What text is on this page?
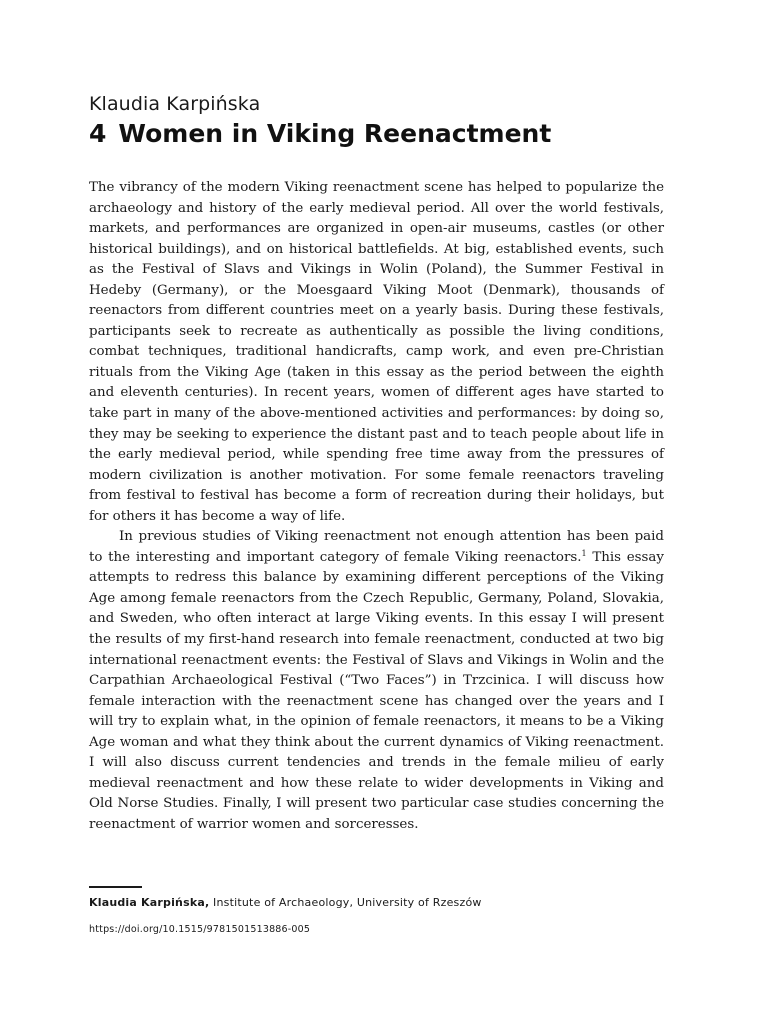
Klaudia Karpińska
4 Women in Viking Reenactment

The vibrancy of the modern Viking reenactment scene has helped to popularize the archaeology and history of the early medieval period. All over the world festivals, markets, and performances are organized in open-air museums, castles (or other historical buildings), and on historical battlefields. At big, established events, such as the Festival of Slavs and Vikings in Wolin (Poland), the Summer Festival in Hedeby (Germany), or the Moesgaard Viking Moot (Denmark), thousands of reenactors from different countries meet on a yearly basis. During these festivals, participants seek to recreate as authentically as possible the living conditions, combat techniques, traditional handicrafts, camp work, and even pre-Christian rituals from the Viking Age (taken in this essay as the period between the eighth and eleventh centuries). In recent years, women of different ages have started to take part in many of the above-mentioned activities and performances: by doing so, they may be seeking to experience the distant past and to teach people about life in the early medieval period, while spending free time away from the pressures of modern civilization is another motivation. For some female reenactors traveling from festival to festival has become a form of recreation during their holidays, but for others it has become a way of life.

In previous studies of Viking reenactment not enough attention has been paid to the interesting and important category of female Viking reenactors.$^1$ This essay attempts to redress this balance by examining different perceptions of the Viking Age among female reenactors from the Czech Republic, Germany, Poland, Slovakia, and Sweden, who often interact at large Viking events. In this essay I will present the results of my first-hand research into female reenactment, conducted at two big international reenactment events: the Festival of Slavs and Vikings in Wolin and the Carpathian Archaeological Festival (“Two Faces”) in Trzcinica. I will discuss how female interaction with the reenactment scene has changed over the years and I will try to explain what, in the opinion of female reenactors, it means to be a Viking Age woman and what they think about the current dynamics of Viking reenactment. I will also discuss current tendencies and trends in the female milieu of early medieval reenactment and how these relate to wider developments in Viking and Old Norse Studies. Finally, I will present two particular case studies concerning the reenactment of warrior women and sorceresses.

Klaudia Karpińska, Institute of Archaeology, University of Rzeszów
https://doi.org/10.1515/9781501513886-005
